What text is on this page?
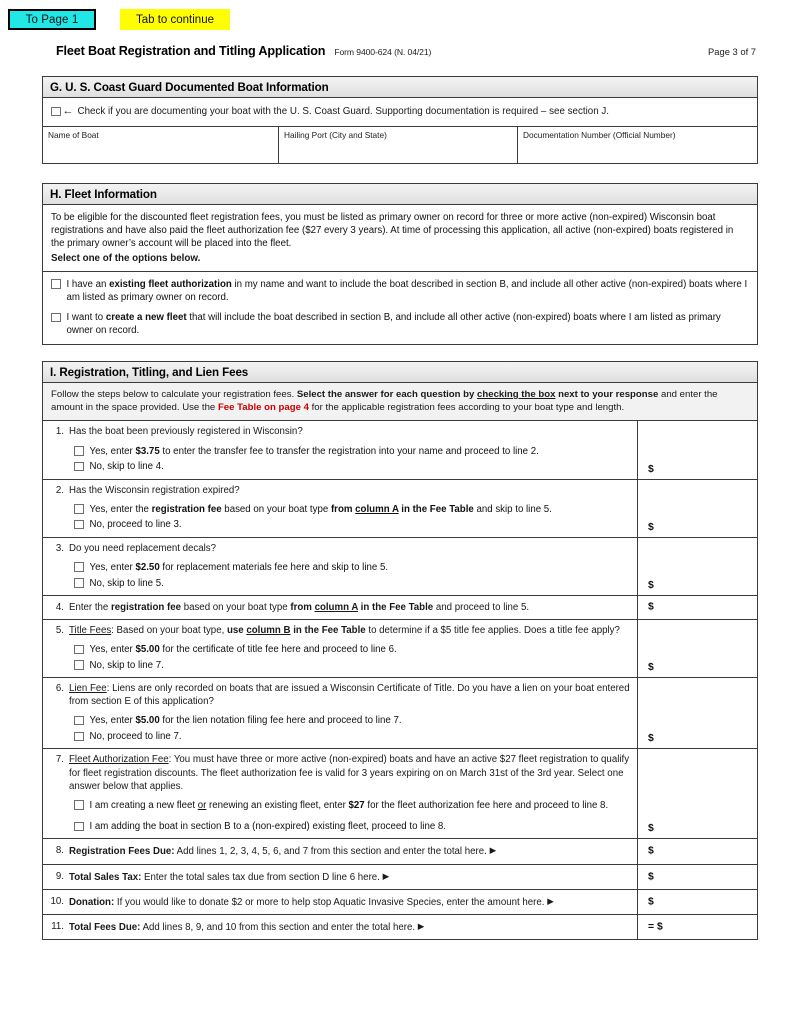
To Page 1	Tab to continue
Fleet Boat Registration and Titling Application Form 9400-624 (N. 04/21)	Page 3 of 7
G. U. S. Coast Guard Documented Boat Information
← Check if you are documenting your boat with the U. S. Coast Guard. Supporting documentation is required – see section J.
Name of Boat	Hailing Port (City and State)	Documentation Number (Official Number)
H. Fleet Information
To be eligible for the discounted fleet registration fees, you must be listed as primary owner on record for three or more active (non-expired) Wisconsin boat registrations and have also paid the fleet authorization fee ($27 every 3 years). At time of processing this application, all active (non-expired) boats registered in the primary owner’s account will be placed into the fleet.
Select one of the options below.
I have an existing fleet authorization in my name and want to include the boat described in section B, and include all other active (non-expired) boats where I am listed as primary owner on record.
I want to create a new fleet that will include the boat described in section B, and include all other active (non-expired) boats where I am listed as primary owner on record.
I. Registration, Titling, and Lien Fees
Follow the steps below to calculate your registration fees. Select the answer for each question by checking the box next to your response and enter the amount in the space provided. Use the Fee Table on page 4 for the applicable registration fees according to your boat type and length.
1. Has the boat been previously registered in Wisconsin?
Yes, enter $3.75 to enter the transfer fee to transfer the registration into your name and proceed to line 2.
No, skip to line 4.	$
2. Has the Wisconsin registration expired?
Yes, enter the registration fee based on your boat type from column A in the Fee Table and skip to line 5.
No, proceed to line 3.	$
3. Do you need replacement decals?
Yes, enter $2.50 for replacement materials fee here and skip to line 5.
No, skip to line 5.	$
4. Enter the registration fee based on your boat type from column A in the Fee Table and proceed to line 5.	$
5. Title Fees: Based on your boat type, use column B in the Fee Table to determine if a $5 title fee applies. Does a title fee apply?
Yes, enter $5.00 for the certificate of title fee here and proceed to line 6.
No, skip to line 7.	$
6. Lien Fee: Liens are only recorded on boats that are issued a Wisconsin Certificate of Title. Do you have a lien on your boat entered from section E of this application?
Yes, enter $5.00 for the lien notation filing fee here and proceed to line 7.
No, proceed to line 7.	$
7. Fleet Authorization Fee: You must have three or more active (non-expired) boats and have an active $27 fleet registration to qualify for fleet registration discounts. The fleet authorization fee is valid for 3 years expiring on on March 31st of the 3rd year. Select one answer below that applies.
I am creating a new fleet or renewing an existing fleet, enter $27 for the fleet authorization fee here and proceed to line 8.
I am adding the boat in section B to a (non-expired) existing fleet, proceed to line 8.	$
8. Registration Fees Due: Add lines 1, 2, 3, 4, 5, 6, and 7 from this section and enter the total here. ▶	$
9. Total Sales Tax: Enter the total sales tax due from section D line 6 here. ▶	$
10. Donation: If you would like to donate $2 or more to help stop Aquatic Invasive Species, enter the amount here. ▶	$
11. Total Fees Due: Add lines 8, 9, and 10 from this section and enter the total here. ▶	= $
